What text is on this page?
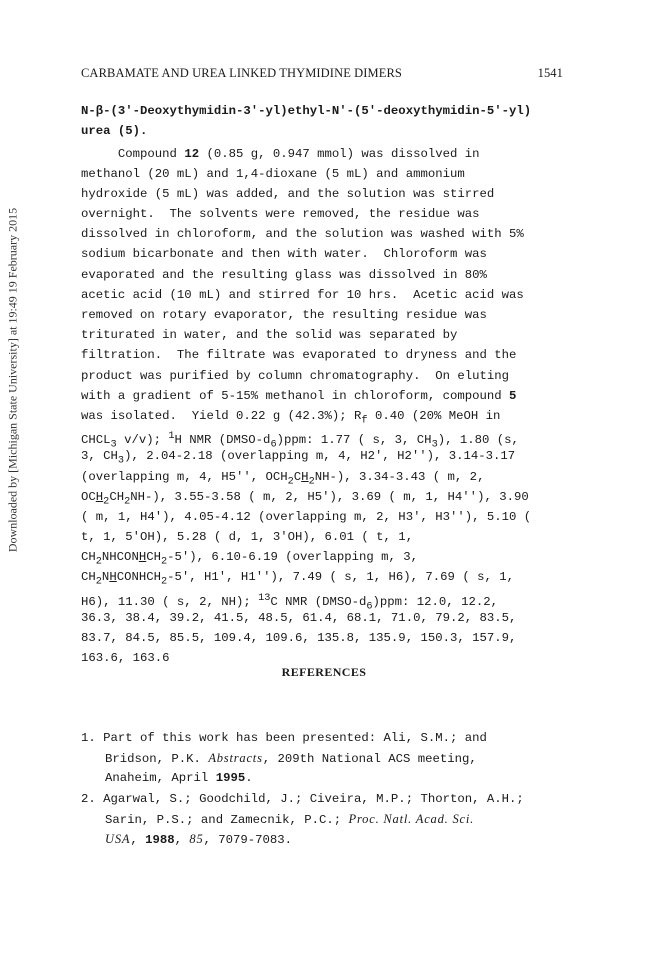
Downloaded by [Michigan State University] at 19:49 19 February 2015
CARBAMATE AND UREA LINKED THYMIDINE DIMERS	1541
N-β-(3'-Deoxythymidin-3'-yl)ethyl-N'-(5'-deoxythymidin-5'-yl)
urea (5).
Compound 12 (0.85 g, 0.947 mmol) was dissolved in
methanol (20 mL) and 1,4-dioxane (5 mL) and ammonium
hydroxide (5 mL) was added, and the solution was stirred
overnight.  The solvents were removed, the residue was
dissolved in chloroform, and the solution was washed with 5%
sodium bicarbonate and then with water.  Chloroform was
evaporated and the resulting glass was dissolved in 80%
acetic acid (10 mL) and stirred for 10 hrs.  Acetic acid was
removed on rotary evaporator, the resulting residue was
triturated in water, and the solid was separated by
filtration.  The filtrate was evaporated to dryness and the
product was purified by column chromatography.  On eluting
with a gradient of 5-15% methanol in chloroform, compound 5
was isolated.  Yield 0.22 g (42.3%); $R_f$ 0.40 (20% MeOH in
$CHCL_3$ v/v); $^1$H NMR $(DMSO-d_6)ppm$: 1.77 ( s, 3, $CH_3$), 1.80 (s,
3, $CH_3$), 2.04-2.18 (overlapping m, 4, H2', H2''), 3.14-3.17
(overlapping m, 4, H5'', $OCH_2CH_2NH-$), 3.34-3.43 ( m, 2,
$OCH_2CH_2NH-$), 3.55-3.58 ( m, 2, H5'), 3.69 ( m, 1, H4''), 3.90
( m, 1, H4'), 4.05-4.12 (overlapping m, 2, H3', H3''), 5.10 (
t, 1, 5'OH), 5.28 ( d, 1, 3'OH), 6.01 ( t, 1,
$CH_2NHCONHCH_2-5'$), 6.10-6.19 (overlapping m, 3,
$CH_2NHCONHCH_2-5'$, H1', H1''), 7.49 ( s, 1, H6), 7.69 ( s, 1,
H6), 11.30 ( s, 2, NH); $^{13}$C NMR $(DMSO-d_6)ppm$: 12.0, 12.2,
36.3, 38.4, 39.2, 41.5, 48.5, 61.4, 68.1, 71.0, 79.2, 83.5,
83.7, 84.5, 85.5, 109.4, 109.6, 135.8, 135.9, 150.3, 157.9,
163.6, 163.6
REFERENCES
1. Part of this work has been presented: Ali, S.M.; and
Bridson, P.K. Abstracts, 209th National ACS meeting,
Anaheim, April 1995.
2. Agarwal, S.; Goodchild, J.; Civeira, M.P.; Thorton, A.H.;
Sarin, P.S.; and Zamecnik, P.C.; Proc. Natl. Acad. Sci.
USA, 1988, 85, 7079-7083.
